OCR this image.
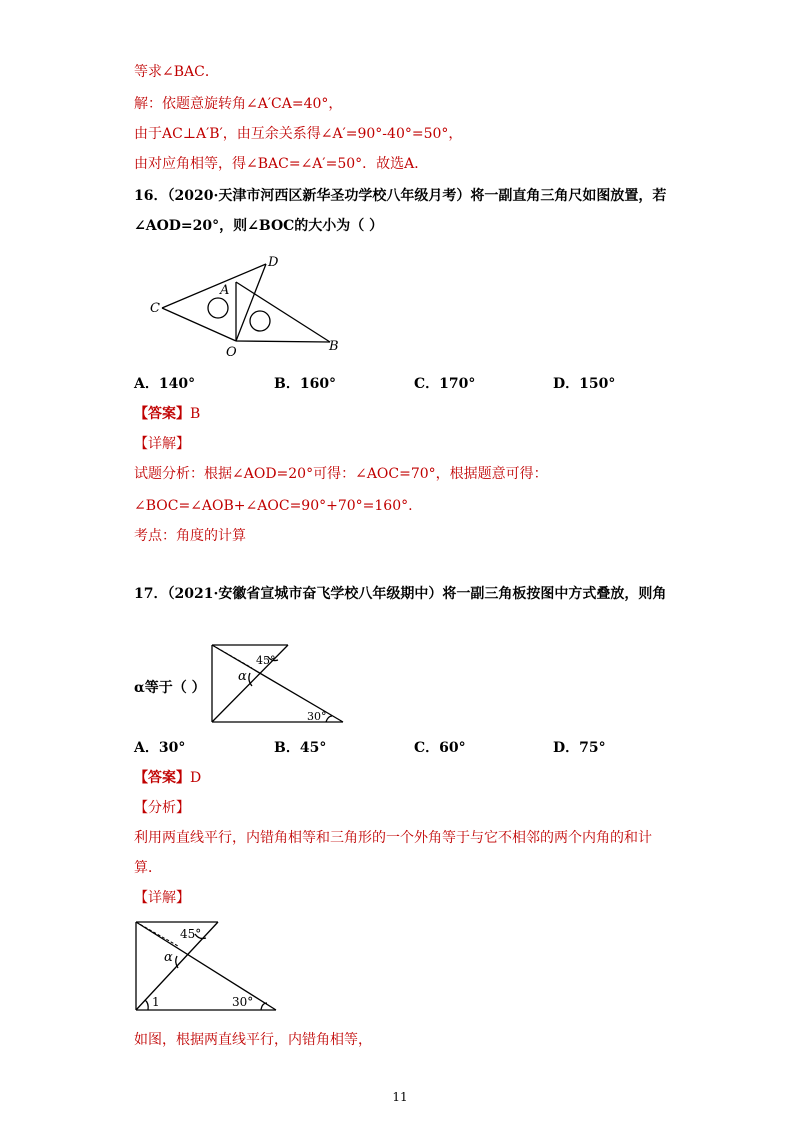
等求∠BAC．
解：依题意旋转角∠A′CA=40°，
由于AC⊥A′B′，由互余关系得∠A′=90°-40°=50°，
由对应角相等，得∠BAC=∠A′=50°．故选A．
16．（2020·天津市河西区新华圣功学校八年级月考）将一副直角三角尺如图放置，若
∠AOD=20°，则∠BOC的大小为（ ）
C
D
A
O	B
A．140°	B．160°	C．170°	D．150°
【答案】B
【详解】
试题分析：根据∠AOD=20°可得：∠AOC=70°，根据题意可得：
∠BOC=∠AOB+∠AOC=90°+70°=160°.
考点：角度的计算
17．（2021·安徽省宣城市奋飞学校八年级期中）将一副三角板按图中方式叠放，则角
α等于（ ）
45°
α
30°
A．30°	B．45°	C．60°	D．75°
【答案】D
【分析】
利用两直线平行，内错角相等和三角形的一个外角等于与它不相邻的两个内角的和计
算．
【详解】
45°
α
1	30°
如图，根据两直线平行，内错角相等，
11
